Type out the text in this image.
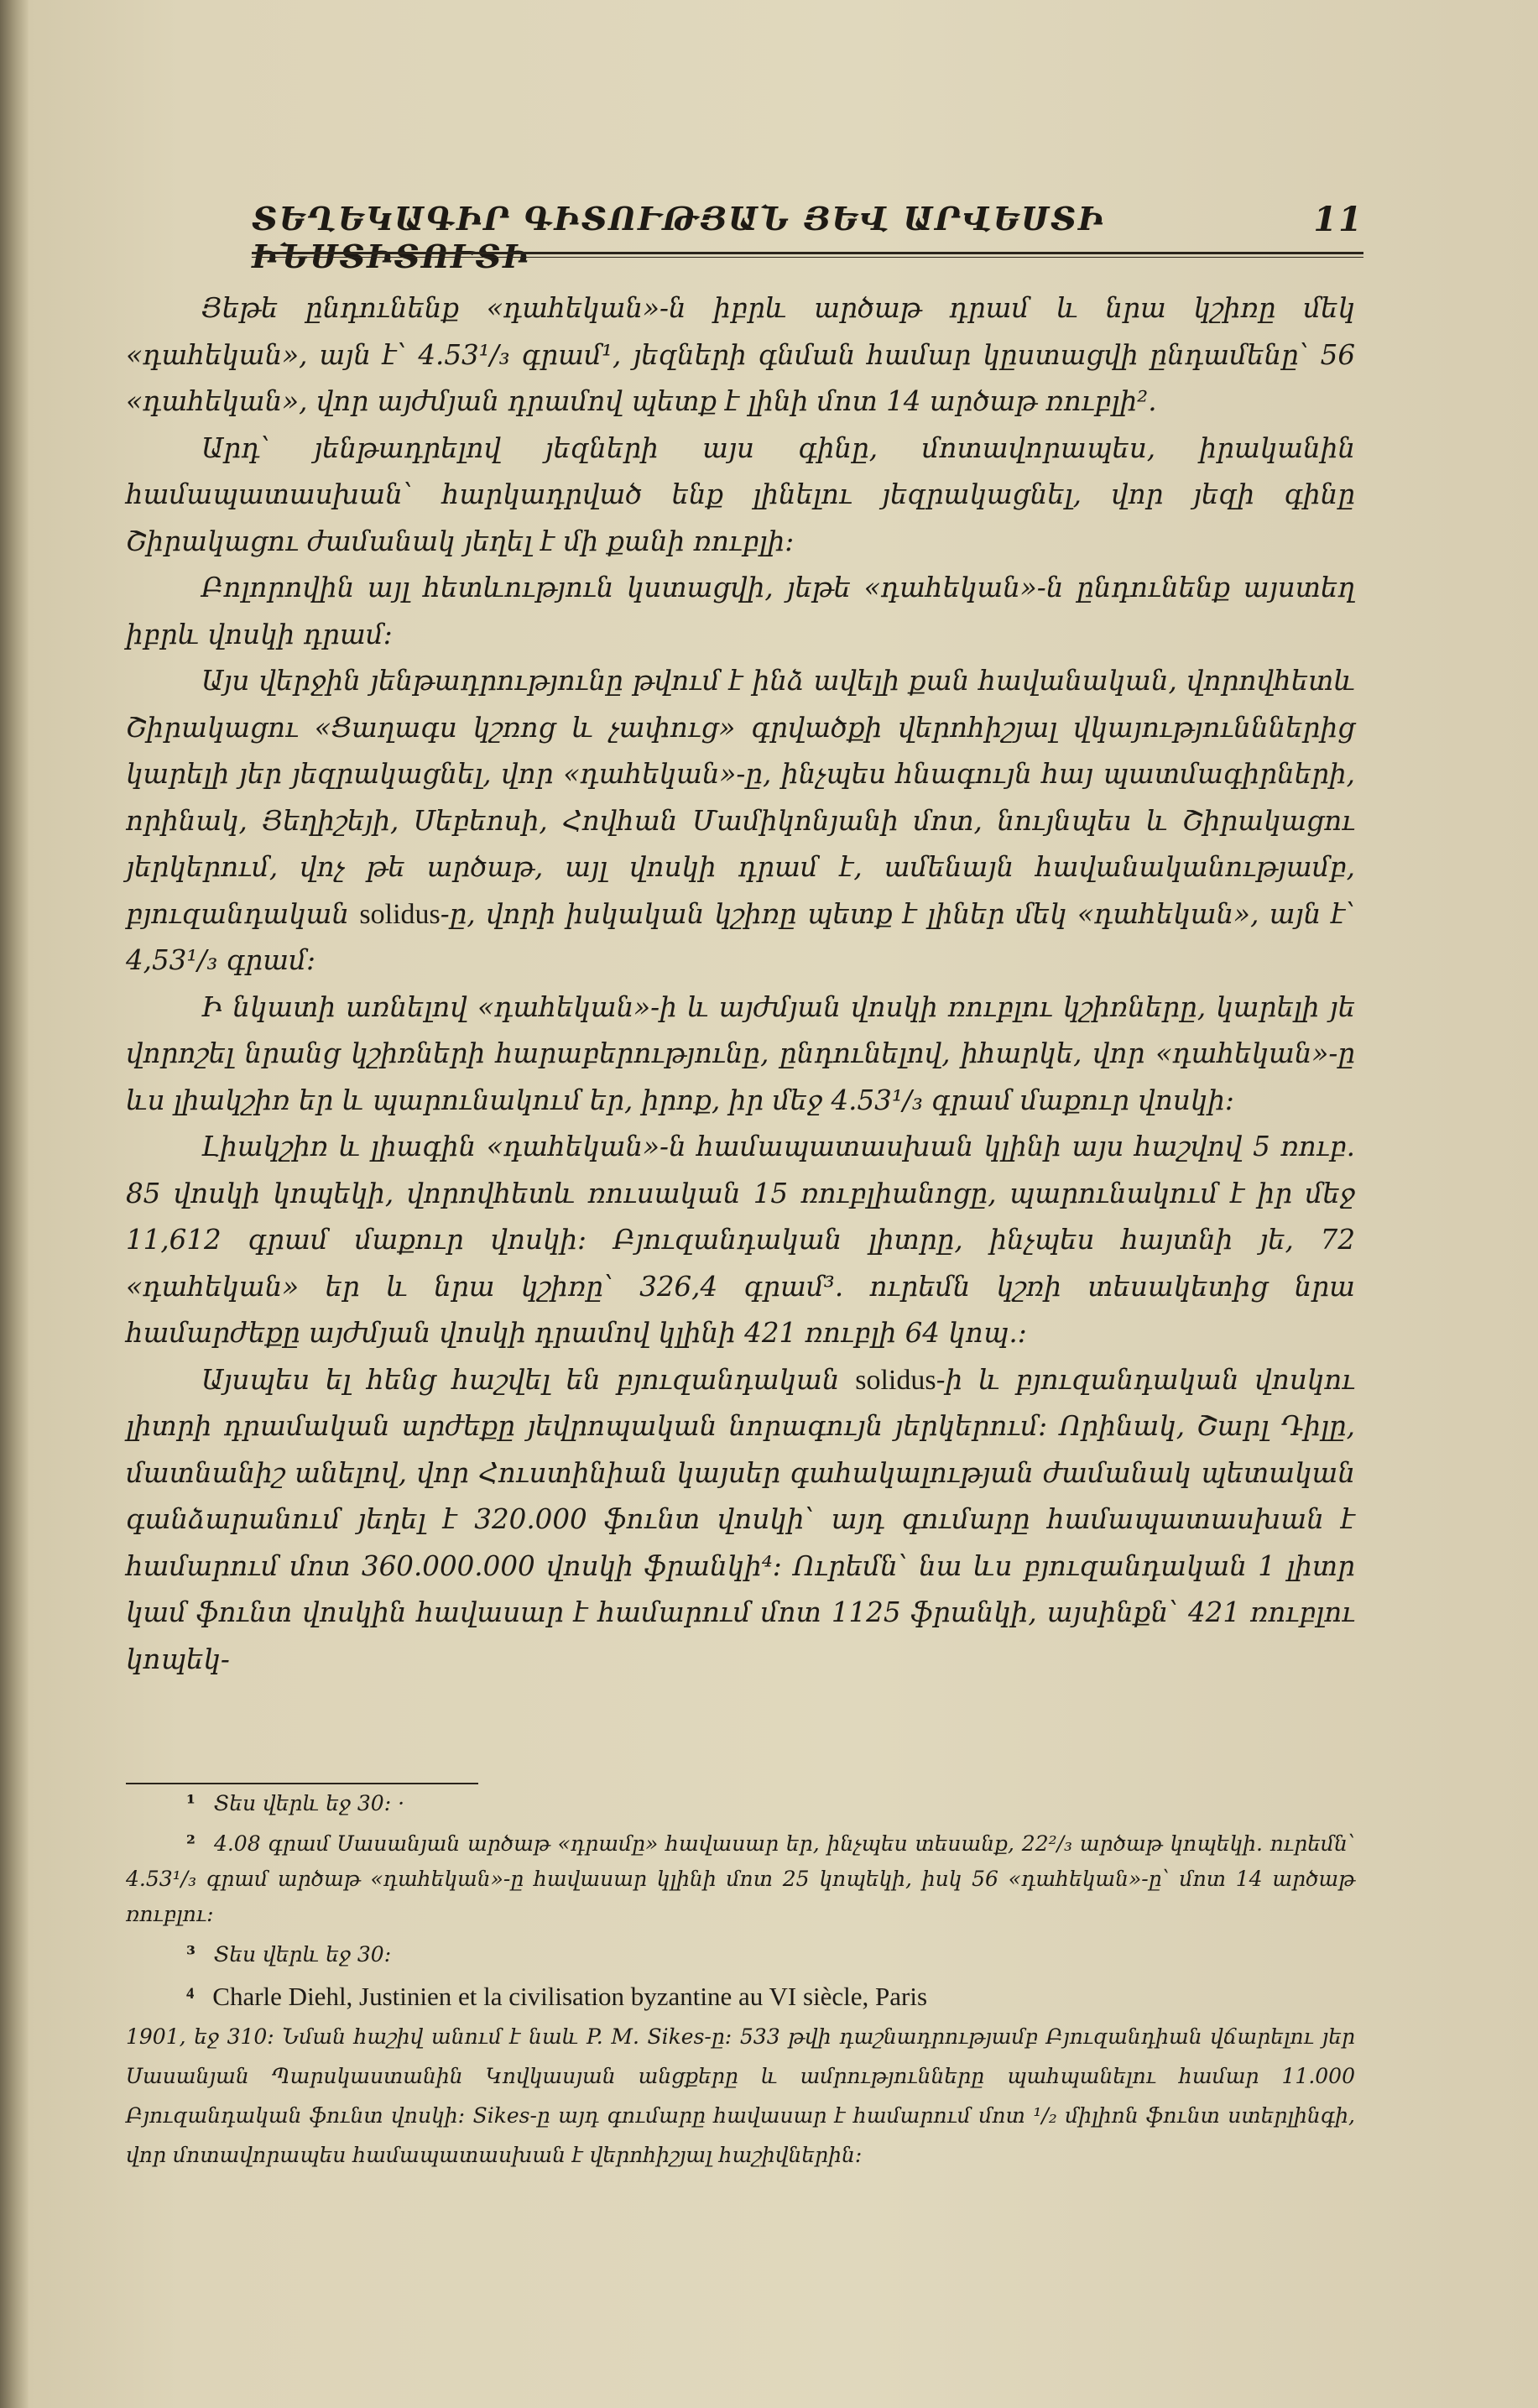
ՏԵՂԵԿԱԳԻՐ ԳԻՏՈՒԹՅԱՆ ՅԵՎ ԱՐՎԵՍՏԻ	11

Յեթե ընդունենք «դահեկան»-ն իբրև արծաթ դրամ և նրա կշիռը մեկ «դահեկան», այն է՝ 4.53¹/₃ գրամ¹, յեզների գնման համար կըստացվի ընդամենը՝ 56 «դահեկան», վոր այժմյան դրամով պետք է լինի մոտ 14 արծաթ ռուբլի².

Արդ՝ յենթադրելով յեզների այս գինը, մոտավորապես, իրականին համապատասխան՝ հարկադրված ենք լինելու յեզրակացնել, վոր յեզի գինը Շիրակացու ժամանակ յեղել է մի քանի ռուբլի։

Բոլորովին այլ հետևություն կստացվի, յեթե «դահեկան»-ն ընդունենք այստեղ իբրև վոսկի դրամ։

Այս վերջին յենթադրությունը թվում է ինձ ավելի քան հավանական, վորովհետև Շիրակացու «Ցաղագս կշռոց և չափուց» գրվածքի վերոհիշյալ վկայությունններից կարելի յեր յեզրակացնել, վոր «դահեկան»-ը, ինչպես հնագույն հայ պատմագիրների, որինակ, Յեղիշեյի, Սեբեոսի, Հովհան Մամիկոնյանի մոտ, նույնպես և Շիրակացու յերկերում, վոչ թե արծաթ, այլ վոսկի դրամ է, ամենայն հավանականությամբ, բյուզանդական solidus-ը, վորի իսկական կշիռը պետք է լիներ մեկ «դահեկան», այն է՝ 4,53¹/₃ գրամ։

Ի նկատի առնելով «դահեկան»-ի և այժմյան վոսկի ռուբլու կշիռները, կարելի յե վորոշել նրանց կշիռների հարաբերությունը, ընդունելով, իհարկե, վոր «դահեկան»-ը ևս լիակշիռ եր և պարունակում եր, իրոք, իր մեջ 4.53¹/₃ գրամ մաքուր վոսկի։

Լիակշիռ և լիագին «դահեկան»-ն համապատասխան կլինի այս հաշվով 5 ռուբ. 85 վոսկի կոպեկի, վորովհետև ռուսական 15 ռուբլիանոցը, պարունակում է իր մեջ 11,612 գրամ մաքուր վոսկի։ Բյուզանդական լիտրը, ինչպես հայտնի յե, 72 «դահեկան» եր և նրա կշիռը՝ 326,4 գրամ³. ուրեմն կշռի տեսակետից նրա համարժեքը այժմյան վոսկի դրամով կլինի 421 ռուբլի 64 կոպ.։

Այսպես ել հենց հաշվել են բյուզանդական solidus-ի և բյուզանդական վոսկու լիտրի դրամական արժեքը յեվրոպական նորագույն յերկերում։ Որինակ, Շարլ Դիլը, մատնանիշ անելով, վոր Հուստինիան կայսեր գահակալության ժամանակ պետական գանձարանում յեղել է 320.000 ֆունտ վոսկի՝ այդ գումարը համապատասխան է համարում մոտ 360.000.000 վոսկի ֆրանկի⁴։ Ուրեմն՝ նա ևս բյուզանդական 1 լիտր կամ ֆունտ վոսկին հավասար է համարում մոտ 1125 ֆրանկի, այսինքն՝ 421 ռուբլու կոպեկ-

¹ Տես վերև եջ 30։ ·

² 4.08 գրամ Սասանյան արծաթ «դրամը» հավասար եր, ինչպես տեսանք, 22²/₃ արծաթ կոպեկի. ուրեմն՝ 4.53¹/₃ գրամ արծաթ «դահեկան»-ը հավասար կլինի մոտ 25 կոպեկի, իսկ 56 «դահեկան»-ը՝ մոտ 14 արծաթ ռուբլու։

³ Տես վերև եջ 30։

⁴ Charle Diehl, Justinien et la civilisation byzantine au VI siècle, Paris
1901, եջ 310։ Նման հաշիվ անում է նաև P. M. Sikes-ը։ 533 թվի դաշնադրությամբ Բյուզանդիան վճարելու յեր Սասանյան Պարսկաստանին Կովկասյան անցքերը և ամրությունները պահպանելու համար 11.000 Բյուզանդական ֆունտ վոսկի։ Sikes-ը այդ գումարը հավասար է համարում մոտ ¹/₂ միլիոն ֆունտ ստերլինգի, վոր մոտավորապես համապատասխան է վերոհիշյալ հաշիվներին։
